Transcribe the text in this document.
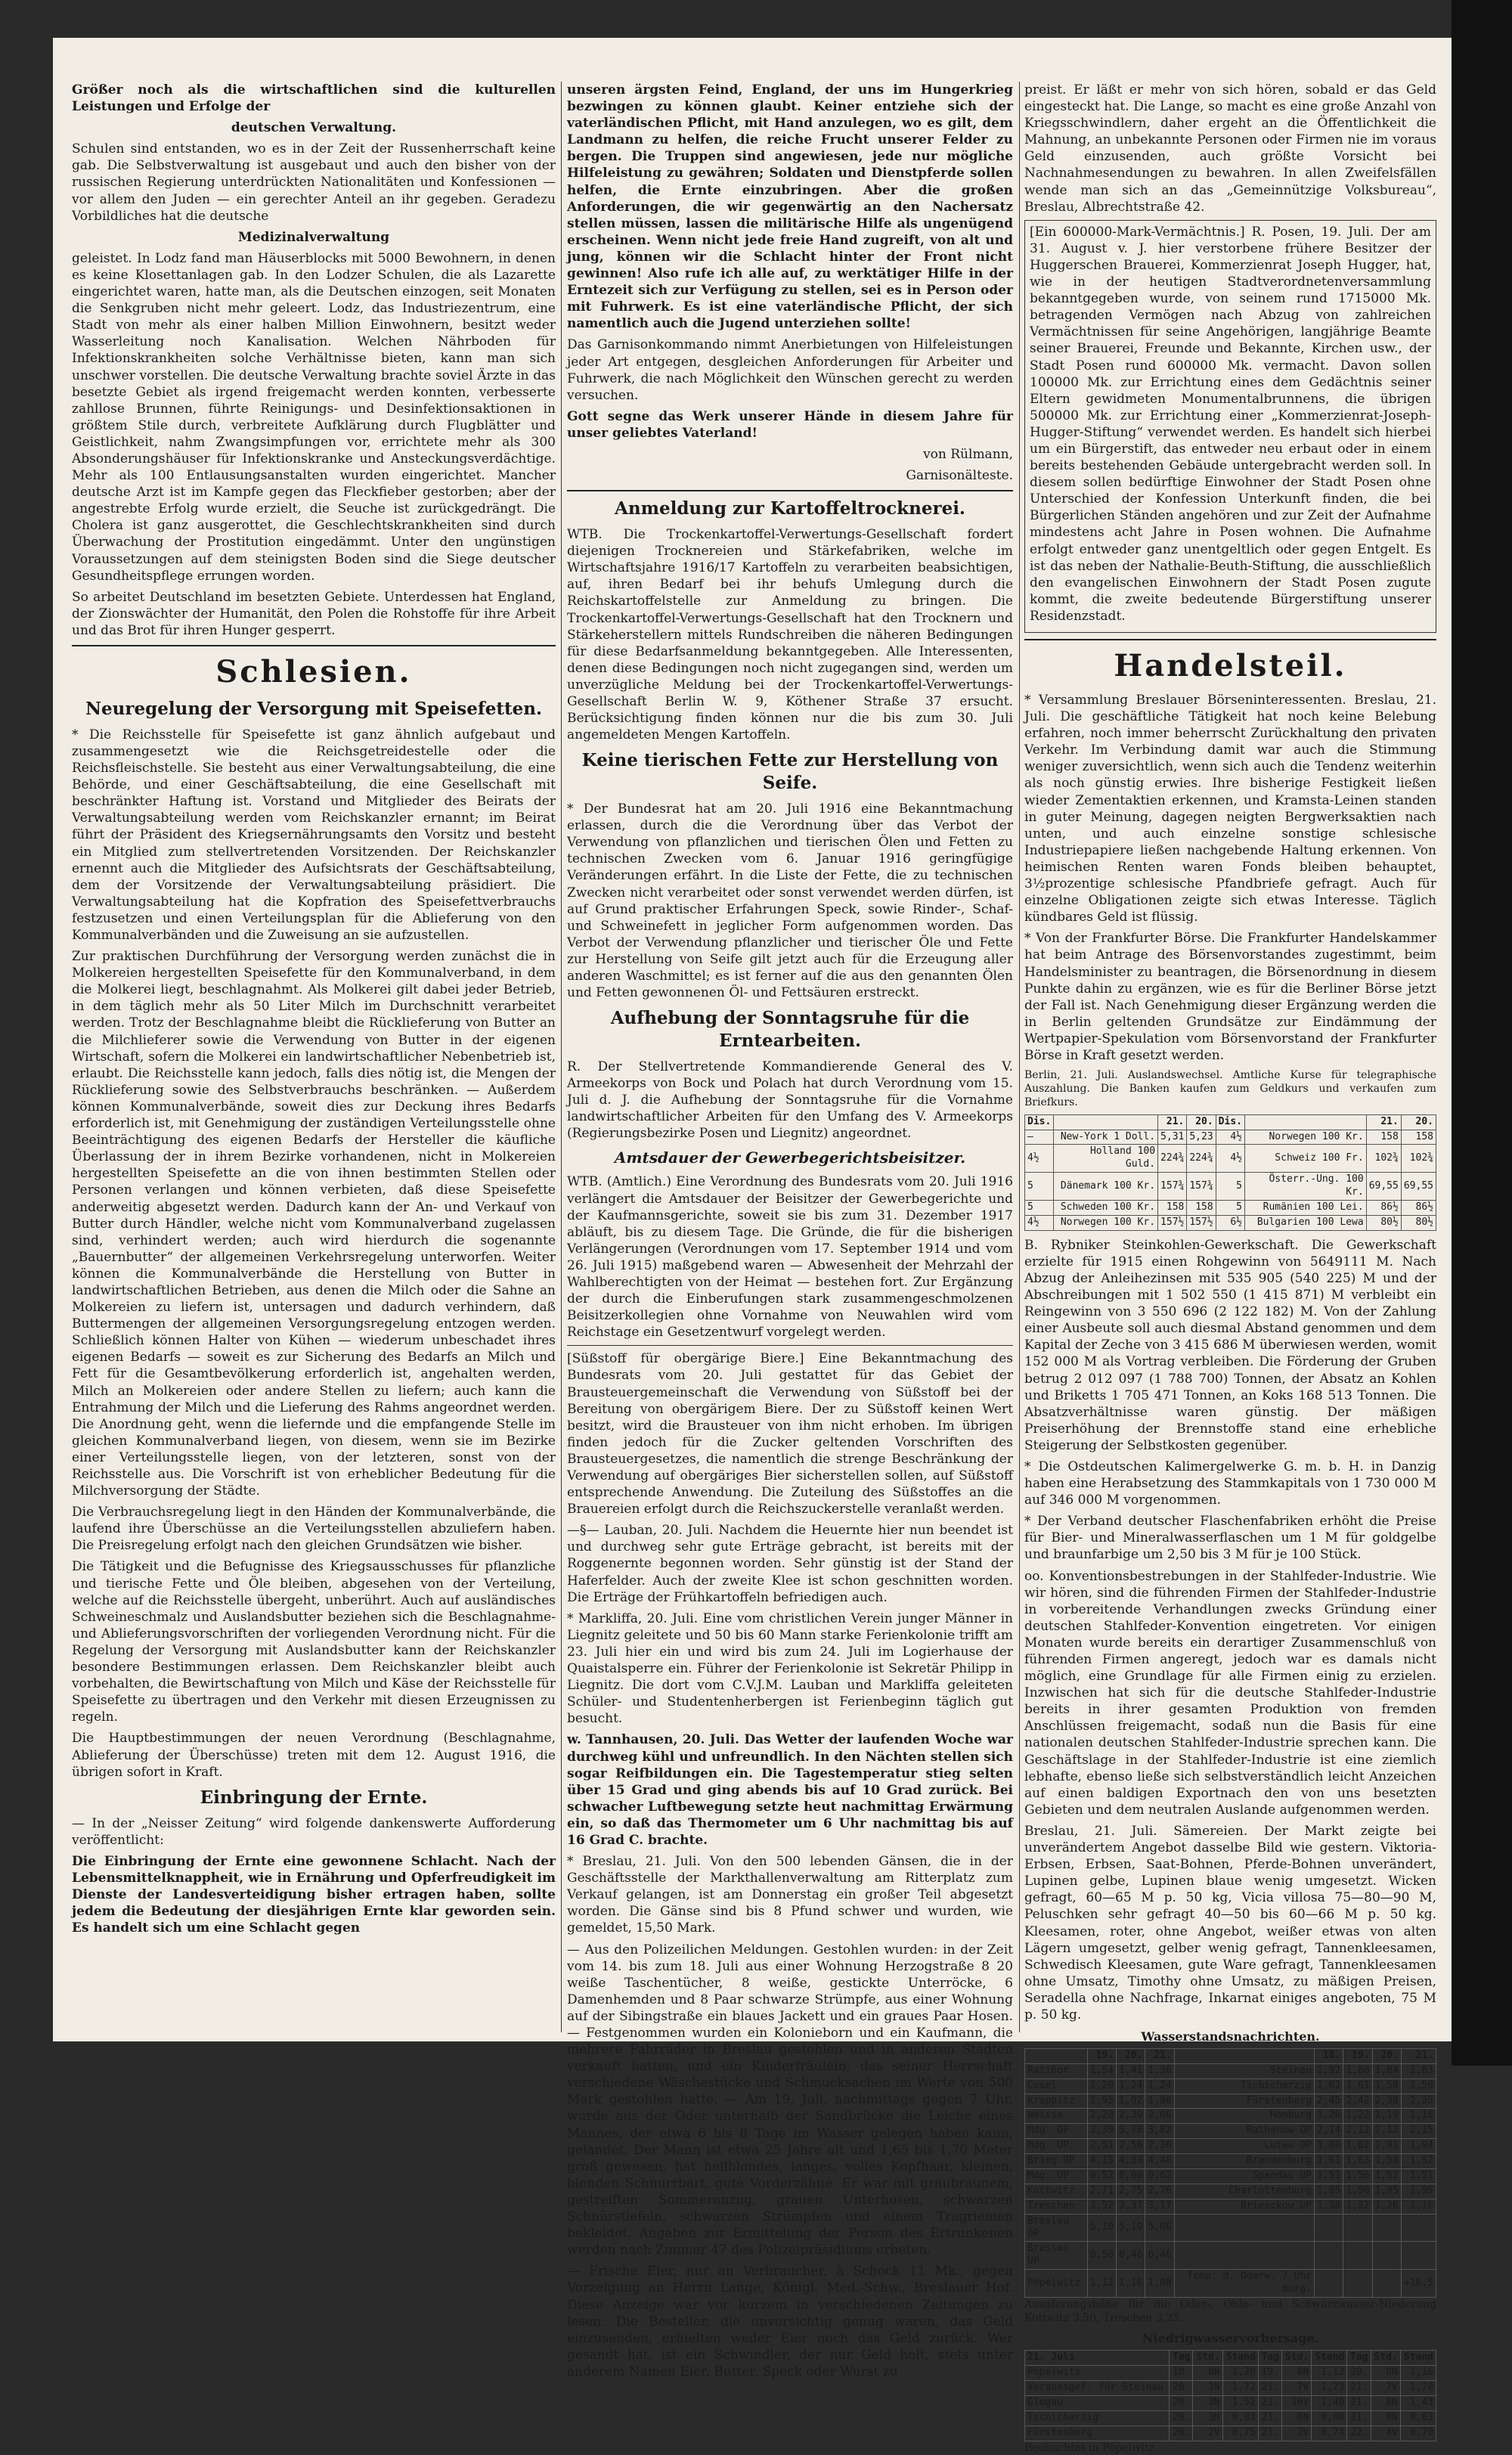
Größer noch als die wirtschaftlichen sind die kulturellen Leistungen und Erfolge der

deutschen Verwaltung.

Schulen sind entstanden, wo es in der Zeit der Russenherrschaft keine gab. Die Selbstverwaltung ist ausgebaut und auch den bisher von der russischen Regierung unterdrückten Nationalitäten und Konfessionen — vor allem den Juden — ein gerechter Anteil an ihr gegeben. Geradezu Vorbildliches hat die deutsche

Medizinalverwaltung

geleistet. In Lodz fand man Häuserblocks mit 5000 Bewohnern, in denen es keine Klosettanlagen gab. In den Lodzer Schulen, die als Lazarette eingerichtet waren, hatte man, als die Deutschen einzogen, seit Monaten die Senkgruben nicht mehr geleert. Lodz, das Industriezentrum, eine Stadt von mehr als einer halben Million Einwohnern, besitzt weder Wasserleitung noch Kanalisation. Welchen Nährboden für Infektionskrankheiten solche Verhältnisse bieten, kann man sich unschwer vorstellen. Die deutsche Verwaltung brachte soviel Ärzte in das besetzte Gebiet als irgend freigemacht werden konnten, verbesserte zahllose Brunnen, führte Reinigungs- und Desinfektionsaktionen in größtem Stile durch, verbreitete Aufklärung durch Flugblätter und Geistlichkeit, nahm Zwangsimpfungen vor, errichtete mehr als 300 Absonderungshäuser für Infektionskranke und Ansteckungsverdächtige. Mehr als 100 Entlausungsanstalten wurden eingerichtet. Mancher deutsche Arzt ist im Kampfe gegen das Fleckfieber gestorben; aber der angestrebte Erfolg wurde erzielt, die Seuche ist zurückgedrängt. Die Cholera ist ganz ausgerottet, die Geschlechtskrankheiten sind durch Überwachung der Prostitution eingedämmt. Unter den ungünstigen Voraussetzungen auf dem steinigsten Boden sind die Siege deutscher Gesundheitspflege errungen worden.

So arbeitet Deutschland im besetzten Gebiete. Unterdessen hat England, der Zionswächter der Humanität, den Polen die Rohstoffe für ihre Arbeit und das Brot für ihren Hunger gesperrt.

Schlesien.
Neuregelung der Versorgung mit Speisefetten.

* Die Reichsstelle für Speisefette ist ganz ähnlich aufgebaut und zusammengesetzt wie die Reichsgetreidestelle oder die Reichsfleischstelle. Sie besteht aus einer Verwaltungsabteilung, die eine Behörde, und einer Geschäftsabteilung, die eine Gesellschaft mit beschränkter Haftung ist. Vorstand und Mitglieder des Beirats der Verwaltungsabteilung werden vom Reichskanzler ernannt; im Beirat führt der Präsident des Kriegsernährungsamts den Vorsitz und besteht ein Mitglied zum stellvertretenden Vorsitzenden. Der Reichskanzler ernennt auch die Mitglieder des Aufsichtsrats der Geschäftsabteilung, dem der Vorsitzende der Verwaltungsabteilung präsidiert. Die Verwaltungsabteilung hat die Kopfration des Speisefettverbrauchs festzusetzen und einen Verteilungsplan für die Ablieferung von den Kommunalverbänden und die Zuweisung an sie aufzustellen.

Zur praktischen Durchführung der Versorgung werden zunächst die in Molkereien hergestellten Speisefette für den Kommunalverband, in dem die Molkerei liegt, beschlagnahmt. Als Molkerei gilt dabei jeder Betrieb, in dem täglich mehr als 50 Liter Milch im Durchschnitt verarbeitet werden. Trotz der Beschlagnahme bleibt die Rücklieferung von Butter an die Milchlieferer sowie die Verwendung von Butter in der eigenen Wirtschaft, sofern die Molkerei ein landwirtschaftlicher Nebenbetrieb ist, erlaubt. Die Reichsstelle kann jedoch, falls dies nötig ist, die Mengen der Rücklieferung sowie des Selbstverbrauchs beschränken. — Außerdem können Kommunalverbände, soweit dies zur Deckung ihres Bedarfs erforderlich ist, mit Genehmigung der zuständigen Verteilungsstelle ohne Beeinträchtigung des eigenen Bedarfs der Hersteller die käufliche Überlassung der in ihrem Bezirke vorhandenen, nicht in Molkereien hergestellten Speisefette an die von ihnen bestimmten Stellen oder Personen verlangen und können verbieten, daß diese Speisefette anderweitig abgesetzt werden. Dadurch kann der An- und Verkauf von Butter durch Händler, welche nicht vom Kommunalverband zugelassen sind, verhindert werden; auch wird hierdurch die sogenannte „Bauernbutter“ der allgemeinen Verkehrsregelung unterworfen. Weiter können die Kommunalverbände die Herstellung von Butter in landwirtschaftlichen Betrieben, aus denen die Milch oder die Sahne an Molkereien zu liefern ist, untersagen und dadurch verhindern, daß Buttermengen der allgemeinen Versorgungsregelung entzogen werden. Schließlich können Halter von Kühen — wiederum unbeschadet ihres eigenen Bedarfs — soweit es zur Sicherung des Bedarfs an Milch und Fett für die Gesamtbevölkerung erforderlich ist, angehalten werden, Milch an Molkereien oder andere Stellen zu liefern; auch kann die Entrahmung der Milch und die Lieferung des Rahms angeordnet werden. Die Anordnung geht, wenn die liefernde und die empfangende Stelle im gleichen Kommunalverband liegen, von diesem, wenn sie im Bezirke einer Verteilungsstelle liegen, von der letzteren, sonst von der Reichsstelle aus. Die Vorschrift ist von erheblicher Bedeutung für die Milchversorgung der Städte.

Die Verbrauchsregelung liegt in den Händen der Kommunalverbände, die laufend ihre Überschüsse an die Verteilungsstellen abzuliefern haben. Die Preisregelung erfolgt nach den gleichen Grundsätzen wie bisher.

Die Tätigkeit und die Befugnisse des Kriegsausschusses für pflanzliche und tierische Fette und Öle bleiben, abgesehen von der Verteilung, welche auf die Reichsstelle übergeht, unberührt. Auch auf ausländisches Schweineschmalz und Auslandsbutter beziehen sich die Beschlagnahme- und Ablieferungsvorschriften der vorliegenden Verordnung nicht. Für die Regelung der Versorgung mit Auslandsbutter kann der Reichskanzler besondere Bestimmungen erlassen. Dem Reichskanzler bleibt auch vorbehalten, die Bewirtschaftung von Milch und Käse der Reichsstelle für Speisefette zu übertragen und den Verkehr mit diesen Erzeugnissen zu regeln.

Die Hauptbestimmungen der neuen Verordnung (Beschlagnahme, Ablieferung der Überschüsse) treten mit dem 12. August 1916, die übrigen sofort in Kraft.

Einbringung der Ernte.

— In der „Neisser Zeitung“ wird folgende dankenswerte Aufforderung veröffentlicht:

Die Einbringung der Ernte eine gewonnene Schlacht. Nach der Lebensmittelknappheit, wie in Ernährung und Opferfreudigkeit im Dienste der Landesverteidigung bisher ertragen haben, sollte jedem die Bedeutung der diesjährigen Ernte klar geworden sein. Es handelt sich um eine Schlacht gegen

unseren ärgsten Feind, England, der uns im Hungerkrieg bezwingen zu können glaubt. Keiner entziehe sich der vaterländischen Pflicht, mit Hand anzulegen, wo es gilt, dem Landmann zu helfen, die reiche Frucht unserer Felder zu bergen. Die Truppen sind angewiesen, jede nur mögliche Hilfeleistung zu gewähren; Soldaten und Dienstpferde sollen helfen, die Ernte einzubringen. Aber die großen Anforderungen, die wir gegenwärtig an den Nachersatz stellen müssen, lassen die militärische Hilfe als ungenügend erscheinen. Wenn nicht jede freie Hand zugreift, von alt und jung, können wir die Schlacht hinter der Front nicht gewinnen! Also rufe ich alle auf, zu werktätiger Hilfe in der Erntezeit sich zur Verfügung zu stellen, sei es in Person oder mit Fuhrwerk. Es ist eine vaterländische Pflicht, der sich namentlich auch die Jugend unterziehen sollte!

Das Garnisonkommando nimmt Anerbietungen von Hilfeleistungen jeder Art entgegen, desgleichen Anforderungen für Arbeiter und Fuhrwerk, die nach Möglichkeit den Wünschen gerecht zu werden versuchen.

Gott segne das Werk unserer Hände in diesem Jahre für unser geliebtes Vaterland!

von Rülmann,

Garnisonälteste.

Anmeldung zur Kartoffeltrocknerei.

WTB. Die Trockenkartoffel-Verwertungs-Gesellschaft fordert diejenigen Trocknereien und Stärkefabriken, welche im Wirtschaftsjahre 1916/17 Kartoffeln zu verarbeiten beabsichtigen, auf, ihren Bedarf bei ihr behufs Umlegung durch die Reichskartoffelstelle zur Anmeldung zu bringen. Die Trockenkartoffel-Verwertungs-Gesellschaft hat den Trocknern und Stärkeherstellern mittels Rundschreiben die näheren Bedingungen für diese Bedarfsanmeldung bekanntgegeben. Alle Interessenten, denen diese Bedingungen noch nicht zugegangen sind, werden um unverzügliche Meldung bei der Trockenkartoffel-Verwertungs-Gesellschaft Berlin W. 9, Köthener Straße 37 ersucht. Berücksichtigung finden können nur die bis zum 30. Juli angemeldeten Mengen Kartoffeln.

Keine tierischen Fette zur Herstellung von Seife.

* Der Bundesrat hat am 20. Juli 1916 eine Bekanntmachung erlassen, durch die die Verordnung über das Verbot der Verwendung von pflanzlichen und tierischen Ölen und Fetten zu technischen Zwecken vom 6. Januar 1916 geringfügige Veränderungen erfährt. In die Liste der Fette, die zu technischen Zwecken nicht verarbeitet oder sonst verwendet werden dürfen, ist auf Grund praktischer Erfahrungen Speck, sowie Rinder-, Schaf- und Schweinefett in jeglicher Form aufgenommen worden. Das Verbot der Verwendung pflanzlicher und tierischer Öle und Fette zur Herstellung von Seife gilt jetzt auch für die Erzeugung aller anderen Waschmittel; es ist ferner auf die aus den genannten Ölen und Fetten gewonnenen Öl- und Fettsäuren erstreckt.

Aufhebung der Sonntagsruhe für die Erntearbeiten.

R. Der Stellvertretende Kommandierende General des V. Armeekorps von Bock und Polach hat durch Verordnung vom 15. Juli d. J. die Aufhebung der Sonntagsruhe für die Vornahme landwirtschaftlicher Arbeiten für den Umfang des V. Armeekorps (Regierungsbezirke Posen und Liegnitz) angeordnet.

Amtsdauer der Gewerbegerichtsbeisitzer.

WTB. (Amtlich.) Eine Verordnung des Bundesrats vom 20. Juli 1916 verlängert die Amtsdauer der Beisitzer der Gewerbegerichte und der Kaufmannsgerichte, soweit sie bis zum 31. Dezember 1917 abläuft, bis zu diesem Tage. Die Gründe, die für die bisherigen Verlängerungen (Verordnungen vom 17. September 1914 und vom 26. Juli 1915) maßgebend waren — Abwesenheit der Mehrzahl der Wahlberechtigten von der Heimat — bestehen fort. Zur Ergänzung der durch die Einberufungen stark zusammengeschmolzenen Beisitzerkollegien ohne Vornahme von Neuwahlen wird vom Reichstage ein Gesetzentwurf vorgelegt werden.

[Süßstoff für obergärige Biere.] Eine Bekanntmachung des Bundesrats vom 20. Juli gestattet für das Gebiet der Brausteuergemeinschaft die Verwendung von Süßstoff bei der Bereitung von obergärigem Biere. Der zu Süßstoff keinen Wert besitzt, wird die Brausteuer von ihm nicht erhoben. Im übrigen finden jedoch für die Zucker geltenden Vorschriften des Brausteuergesetzes, die namentlich die strenge Beschränkung der Verwendung auf obergäriges Bier sicherstellen sollen, auf Süßstoff entsprechende Anwendung. Die Zuteilung des Süßstoffes an die Brauereien erfolgt durch die Reichszuckerstelle veranlaßt werden.

—§— Lauban, 20. Juli. Nachdem die Heuernte hier nun beendet ist und durchweg sehr gute Erträge gebracht, ist bereits mit der Roggenernte begonnen worden. Sehr günstig ist der Stand der Haferfelder. Auch der zweite Klee ist schon geschnitten worden. Die Erträge der Frühkartoffeln befriedigen auch.

* Markliffa, 20. Juli. Eine vom christlichen Verein junger Männer in Liegnitz geleitete und 50 bis 60 Mann starke Ferienkolonie trifft am 23. Juli hier ein und wird bis zum 24. Juli im Logierhause der Quaistalsperre ein. Führer der Ferienkolonie ist Sekretär Philipp in Liegnitz. Die dort vom C.V.J.M. Lauban und Markliffa geleiteten Schüler- und Studentenherbergen ist Ferienbeginn täglich gut besucht.

w. Tannhausen, 20. Juli. Das Wetter der laufenden Woche war durchweg kühl und unfreundlich. In den Nächten stellen sich sogar Reifbildungen ein. Die Tagestemperatur stieg selten über 15 Grad und ging abends bis auf 10 Grad zurück. Bei schwacher Luftbewegung setzte heut nachmittag Erwärmung ein, so daß das Thermometer um 6 Uhr nachmittag bis auf 16 Grad C. brachte.

* Breslau, 21. Juli. Von den 500 lebenden Gänsen, die in der Geschäftsstelle der Markthallenverwaltung am Ritterplatz zum Verkauf gelangen, ist am Donnerstag ein großer Teil abgesetzt worden. Die Gänse sind bis 8 Pfund schwer und wurden, wie gemeldet, 15,50 Mark.

— Aus den Polizeilichen Meldungen. Gestohlen wurden: in der Zeit vom 14. bis zum 18. Juli aus einer Wohnung Herzogstraße 8 20 weiße Taschentücher, 8 weiße, gestickte Unterröcke, 6 Damenhemden und 8 Paar schwarze Strümpfe, aus einer Wohnung auf der Sibingstraße ein blaues Jackett und ein graues Paar Hosen. — Festgenommen wurden ein Kolonieborn und ein Kaufmann, die mehrere Fahrräder in Breslau gestohlen und in anderen Städten verkauft hatten, und ein Kinderfräulein, das seiner Herrschaft verschiedene Wäschestücke und Schmucksachen im Werte von 500 Mark gestohlen hatte. — Am 19. Juli, nachmittags gegen 7 Uhr, wurde aus der Oder unterhalb der Sandbrücke die Leiche eines Mannes, der etwa 6 bis 8 Tage im Wasser gelegen haben kann, gelandet. Der Mann ist etwa 25 Jahre alt und 1,65 bis 1,70 Meter groß gewesen, hat hellblondes, langes, volles Kopfhaar, kleinen, blonden Schnurrbart, gute Vorderzähne. Er war mit graubraunem, gestreiften Sommeranzug, grauen Unterhosen, schwarzen Schnürstiefeln, schwarzen Strümpfen und einem Tragriemen bekleidet. Angaben zur Ermittelung der Person des Ertrunkenen werden nach Zimmer 47 des Polizeipräsidiums erbeten.

— Frische Eier, nur an Verbraucher, à Schock 11 Mk., gegen Vorzeigung an Herrn Lange, Königl. Med.-Schw., Breslauer Hof. Diese Anzeige war vor kurzem in verschiedenen Zeitungen zu lesen. Die Besteller, die unvorsichtig genug waren, das Geld einzusenden, erhielten weder Eier noch das Geld zurück. Wer gesandt hat, ist ein Schwindler, der nur Geld holt, stets unter anderem Namen Eier, Butter, Speck oder Wurst zu

preist. Er läßt er mehr von sich hören, sobald er das Geld eingesteckt hat. Die Lange, so macht es eine große Anzahl von Kriegsschwindlern, daher ergeht an die Öffentlichkeit die Mahnung, an unbekannte Personen oder Firmen nie im voraus Geld einzusenden, auch größte Vorsicht bei Nachnahmesendungen zu bewahren. In allen Zweifelsfällen wende man sich an das „Gemeinnützige Volksbureau“, Breslau, Albrechtstraße 42.

[Ein 600000-Mark-Vermächtnis.] R. Posen, 19. Juli. Der am 31. August v. J. hier verstorbene frühere Besitzer der Huggerschen Brauerei, Kommerzienrat Joseph Hugger, hat, wie in der heutigen Stadtverordnetenversammlung bekanntgegeben wurde, von seinem rund 1715000 Mk. betragenden Vermögen nach Abzug von zahlreichen Vermächtnissen für seine Angehörigen, langjährige Beamte seiner Brauerei, Freunde und Bekannte, Kirchen usw., der Stadt Posen rund 600000 Mk. vermacht. Davon sollen 100000 Mk. zur Errichtung eines dem Gedächtnis seiner Eltern gewidmeten Monumentalbrunnens, die übrigen 500000 Mk. zur Errichtung einer „Kommerzienrat-Joseph-Hugger-Stiftung“ verwendet werden. Es handelt sich hierbei um ein Bürgerstift, das entweder neu erbaut oder in einem bereits bestehenden Gebäude untergebracht werden soll. In diesem sollen bedürftige Einwohner der Stadt Posen ohne Unterschied der Konfession Unterkunft finden, die bei Bürgerlichen Ständen angehören und zur Zeit der Aufnahme mindestens acht Jahre in Posen wohnen. Die Aufnahme erfolgt entweder ganz unentgeltlich oder gegen Entgelt. Es ist das neben der Nathalie-Beuth-Stiftung, die ausschließlich den evangelischen Einwohnern der Stadt Posen zugute kommt, die zweite bedeutende Bürgerstiftung unserer Residenzstadt.

Handelsteil.

* Versammlung Breslauer Börseninteressenten. Breslau, 21. Juli. Die geschäftliche Tätigkeit hat noch keine Belebung erfahren, noch immer beherrscht Zurückhaltung den privaten Verkehr. Im Verbindung damit war auch die Stimmung weniger zuversichtlich, wenn sich auch die Tendenz weiterhin als noch günstig erwies. Ihre bisherige Festigkeit ließen wieder Zementaktien erkennen, und Kramsta-Leinen standen in guter Meinung, dagegen neigten Bergwerksaktien nach unten, und auch einzelne sonstige schlesische Industriepapiere ließen nachgebende Haltung erkennen. Von heimischen Renten waren Fonds bleiben behauptet, 3½prozentige schlesische Pfandbriefe gefragt. Auch für einzelne Obligationen zeigte sich etwas Interesse. Täglich kündbares Geld ist flüssig.

* Von der Frankfurter Börse. Die Frankfurter Handelskammer hat beim Antrage des Börsenvorstandes zugestimmt, beim Handelsminister zu beantragen, die Börsenordnung in diesem Punkte dahin zu ergänzen, wie es für die Berliner Börse jetzt der Fall ist. Nach Genehmigung dieser Ergänzung werden die in Berlin geltenden Grundsätze zur Eindämmung der Wertpapier-Spekulation vom Börsenvorstand der Frankfurter Börse in Kraft gesetzt werden.

Berlin, 21. Juli. Auslandswechsel. Amtliche Kurse für telegraphische Auszahlung. Die Banken kaufen zum Geldkurs und verkaufen zum Briefkurs.

Dis.		21.	20.	Dis.		21.	20.
—	New-York 1 Doll.	5,31	5,23	4½	Norwegen 100 Kr.	158	158
4½	Holland 100 Guld.	224¾	224¾	4½	Schweiz 100 Fr.	102¾	102¾
5	Dänemark 100 Kr.	157¾	157¾	5	Österr.-Ung. 100 Kr.	69,55	69,55
5	Schweden 100 Kr.	158	158	5	Rumänien 100 Lei.	86½	86½
4½	Norwegen 100 Kr.	157½	157½	6½	Bulgarien 100 Lewa	80½	80½

B. Rybniker Steinkohlen-Gewerkschaft. Die Gewerkschaft erzielte für 1915 einen Rohgewinn von 5649111 M. Nach Abzug der Anleihezinsen mit 535 905 (540 225) M und der Abschreibungen mit 1 502 550 (1 415 871) M verbleibt ein Reingewinn von 3 550 696 (2 122 182) M. Von der Zahlung einer Ausbeute soll auch diesmal Abstand genommen und dem Kapital der Zeche von 3 415 686 M überwiesen werden, womit 152 000 M als Vortrag verbleiben. Die Förderung der Gruben betrug 2 012 097 (1 788 700) Tonnen, der Absatz an Kohlen und Briketts 1 705 471 Tonnen, an Koks 168 513 Tonnen. Die Absatzverhältnisse waren günstig. Der mäßigen Preiserhöhung der Brennstoffe stand eine erhebliche Steigerung der Selbstkosten gegenüber.

* Die Ostdeutschen Kalimergelwerke G. m. b. H. in Danzig haben eine Herabsetzung des Stammkapitals von 1 730 000 M auf 346 000 M vorgenommen.

* Der Verband deutscher Flaschenfabriken erhöht die Preise für Bier- und Mineralwasserflaschen um 1 M für goldgelbe und braunfarbige um 2,50 bis 3 M für je 100 Stück.

oo. Konventionsbestrebungen in der Stahlfeder-Industrie. Wie wir hören, sind die führenden Firmen der Stahlfeder-Industrie in vorbereitende Verhandlungen zwecks Gründung einer deutschen Stahlfeder-Konvention eingetreten. Vor einigen Monaten wurde bereits ein derartiger Zusammenschluß von führenden Firmen angeregt, jedoch war es damals nicht möglich, eine Grundlage für alle Firmen einig zu erzielen. Inzwischen hat sich für die deutsche Stahlfeder-Industrie bereits in ihrer gesamten Produktion von fremden Anschlüssen freigemacht, sodaß nun die Basis für eine nationalen deutschen Stahlfeder-Industrie sprechen kann. Die Geschäftslage in der Stahlfeder-Industrie ist eine ziemlich lebhafte, ebenso ließe sich selbstverständlich leicht Anzeichen auf einen baldigen Exportnach den von uns besetzten Gebieten und dem neutralen Auslande aufgenommen werden.

Breslau, 21. Juli. Sämereien. Der Markt zeigte bei unverändertem Angebot dasselbe Bild wie gestern. Viktoria-Erbsen, Erbsen, Saat-Bohnen, Pferde-Bohnen unverändert, Lupinen gelbe, Lupinen blaue wenig umgesetzt. Wicken gefragt, 60—65 M p. 50 kg, Vicia villosa 75—80—90 M, Peluschken sehr gefragt 40—50 bis 60—66 M p. 50 kg. Kleesamen, roter, ohne Angebot, weißer etwas von alten Lägern umgesetzt, gelber wenig gefragt, Tannenkleesamen, Schwedisch Kleesamen, gute Ware gefragt, Tannenkleesamen ohne Umsatz, Timothy ohne Umsatz, zu mäßigen Preisen, Seradella ohne Nachfrage, Inkarnat einiges angeboten, 75 M p. 50 kg.

Wasserstandsnachrichten.
	19.	20.	21.		18.	19.	20.	21.
Ratibor	1,54	1,41	1,36	Steinau	1,92	1,88	1,84	1,83
Cosel	1,20	1,24	1,24	Tschicherzig	1,62	1,61	1,58	1,56
Krappitz	1,95	1,92	1,86	Fürstenberg	2,45	2,42	2,38	2,35
Neisse	2,28	2,30	2,06	Hamburg	1,26	1,22	1,19	1,18
Mdg. OP	3,39	3,78	3,82	Rathenow OP	2,14	2,12	2,12	2,15
Mdg. UP	2,51	2,56	2,36	Lutau OP	1,80	1,82	1,91	1,94
Brieg OP	4,15	4,33	4,48	Brandenburg	1,61	1,63	1,58	1,52
Mdg. UP	0,52	0,60	0,62	Spandau UP	1,51	1,56	1,52	1,51
Kottwitz	2,71	2,75	2,76	Charlottenburg	1,85	1,90	1,95	1,95
Treschen	3,52	3,37	3,17	Briesckow UP	1,38	1,32	1,26	1,16
Breslau OP	5,10	5,10	5,06					
Breslau UP	0,50	0,46	0,46					
Pöpelwitz	1,12	1,16	1,08	Temp. d. Oderw. 7 Uhr morg.				+16,5

Ausuferungshöhe für die Oder-, Ohle- und Schwarzwasser-Niederung Kottwitz 3,50, Treschen 3,25.

Niedrigwasservorhersage.
21. Juli	Tag	Std.	Stand	Tag	Std.	Stand	Tag	Std.	Stand
Pöpelwitz	18.	8N	1,20	19.	8N	1,12	20.	8N	1,16
Voraussgef. für Steinau	20.	3N	1,72	21.	7V	1,73	21.	7V	1,70
Glogau	20.	3N	1,52	21.	10V	1,40	21.	8N	1,43
Tschicherzig	20.	3N	0,83	21.	8N	0,88	21.	8N	0,83
Fürstenberg	20.	2V	0,75	21.	2V	0,74	22.	4V	0,70

Beobachtet in Pöpelwitz
